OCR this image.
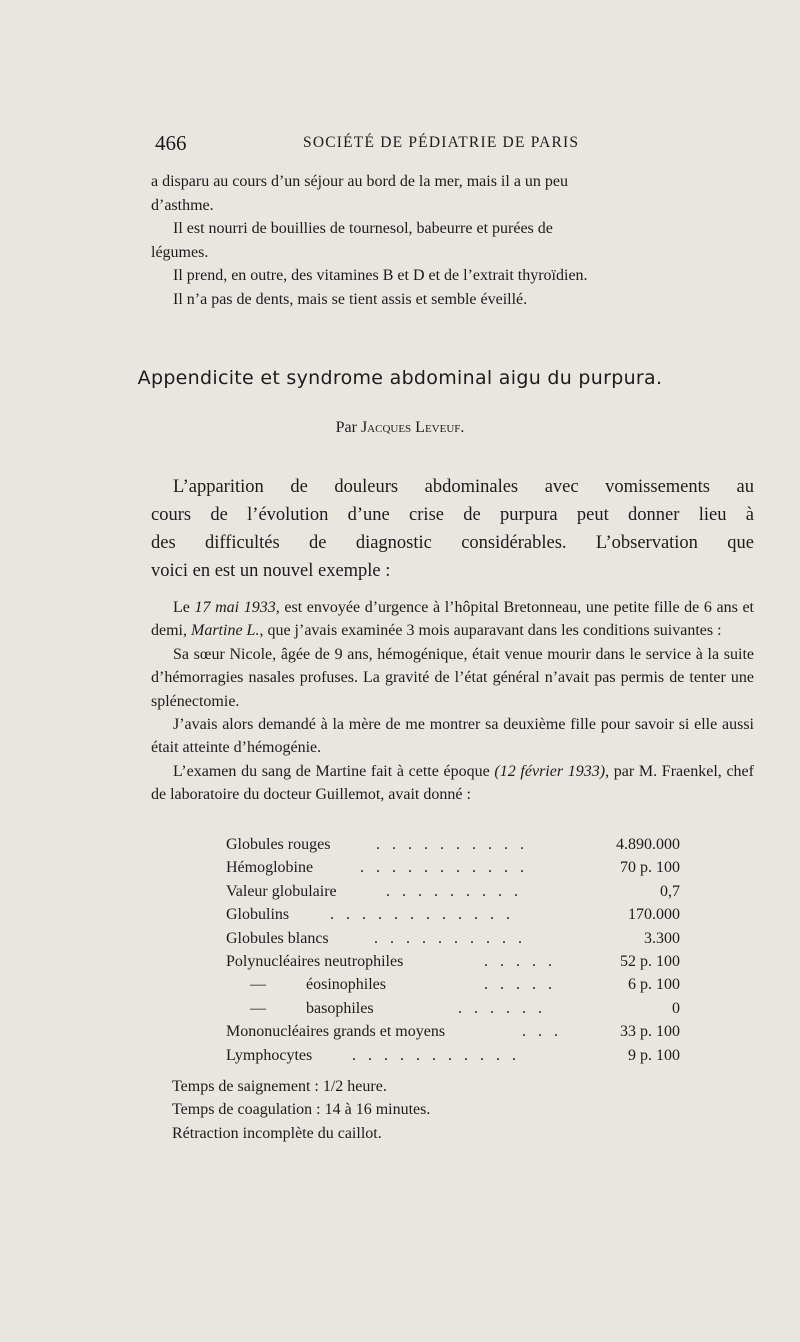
466	SOCIÉTÉ DE PÉDIATRIE DE PARIS

a disparu au cours d’un séjour au bord de la mer, mais il a un peu

d’asthme.

Il est nourri de bouillies de tournesol, babeurre et purées de

légumes.

Il prend, en outre, des vitamines B et D et de l’extrait thyroïdien.

Il n’a pas de dents, mais se tient assis et semble éveillé.

Appendicite et syndrome abdominal aigu du purpura.
Par Jacques Leveuf.

L’apparition de douleurs abdominales avec vomissements au

cours de l’évolution d’une crise de purpura peut donner lieu à

des difficultés de diagnostic considérables. L’observation que

voici en est un nouvel exemple :

Le 17 mai 1933, est envoyée d’urgence à l’hôpital Bretonneau, une petite fille de 6 ans et demi, Martine L., que j’avais examinée 3 mois auparavant dans les conditions suivantes :

Sa sœur Nicole, âgée de 9 ans, hémogénique, était venue mourir dans le service à la suite d’hémorragies nasales profuses. La gravité de l’état général n’avait pas permis de tenter une splénectomie.

J’avais alors demandé à la mère de me montrer sa deuxième fille pour savoir si elle aussi était atteinte d’hémogénie.

L’examen du sang de Martine fait à cette époque (12 février 1933), par M. Fraenkel, chef de laboratoire du docteur Guillemot, avait donné :

Globules rouges	. . . . . . . . . .	4.890.000
Hémoglobine	. . . . . . . . . . .	70 p. 100
Valeur globulaire	. . . . . . . . .	0,7
Globulins	. . . . . . . . . . . .	170.000
Globules blancs	. . . . . . . . . .	3.300
Polynucléaires neutrophiles	. . . . .	52 p. 100
—          éosinophiles	. . . . .	6 p. 100
—          basophiles	. . . . . .	0
Mononucléaires grands et moyens	. . .	33 p. 100
Lymphocytes . . . . . . . . . . .	9 p. 100

Temps de saignement : 1/2 heure.

Temps de coagulation : 14 à 16 minutes.

Rétraction incomplète du caillot.
